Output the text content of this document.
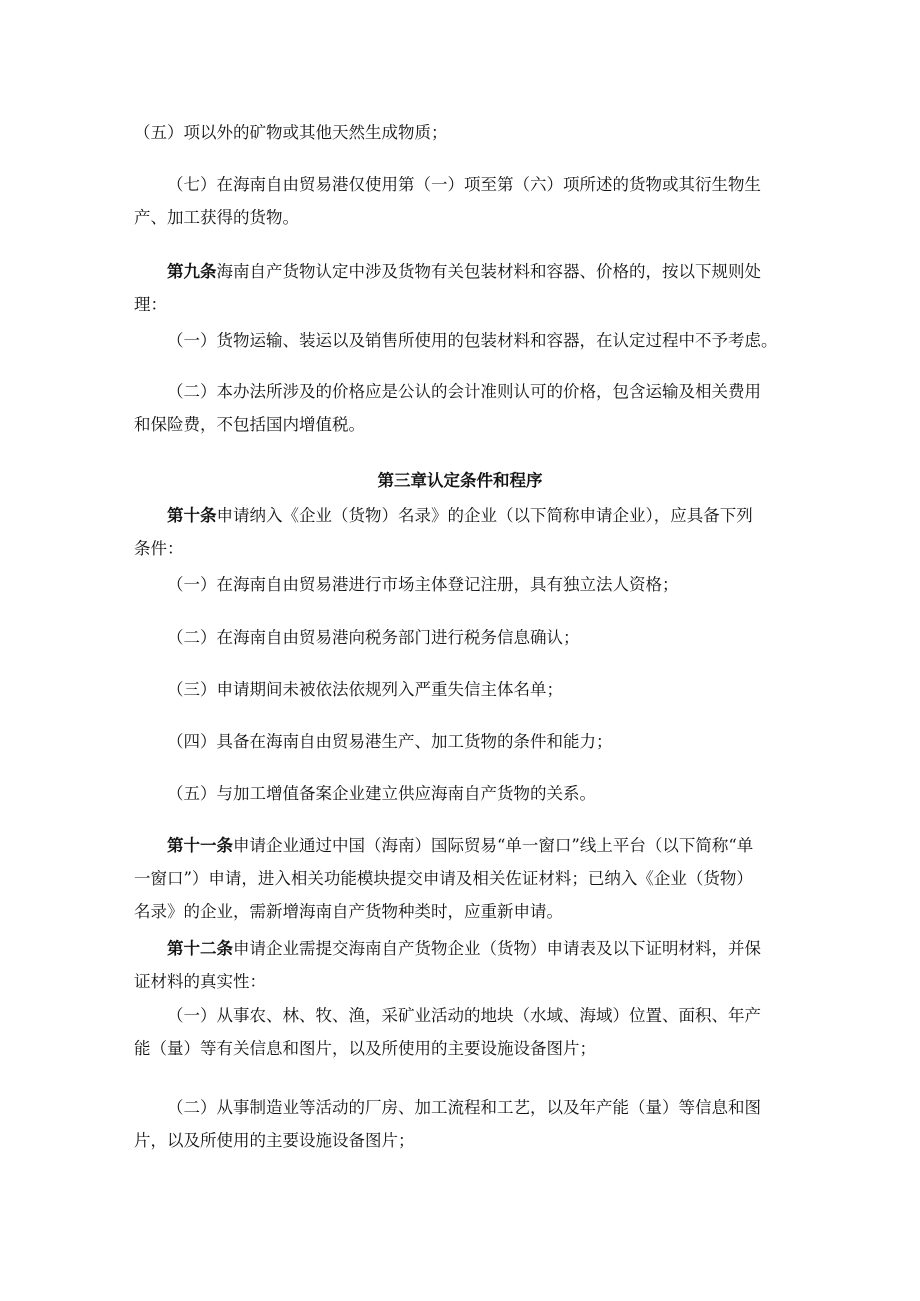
（五）项以外的矿物或其他天然生成物质；

（七）在海南自由贸易港仅使用第（一）项至第（六）项所述的货物或其衍生物生
产、加工获得的货物。

第九条海南自产货物认定中涉及货物有关包装材料和容器、价格的，按以下规则处
理：

（一）货物运输、装运以及销售所使用的包装材料和容器，在认定过程中不予考虑。

（二）本办法所涉及的价格应是公认的会计准则认可的价格，包含运输及相关费用
和保险费，不包括国内增值税。

第三章认定条件和程序

第十条申请纳入《企业（货物）名录》的企业（以下简称申请企业），应具备下列
条件：

（一）在海南自由贸易港进行市场主体登记注册，具有独立法人资格；

（二）在海南自由贸易港向税务部门进行税务信息确认；

（三）申请期间未被依法依规列入严重失信主体名单；

（四）具备在海南自由贸易港生产、加工货物的条件和能力；

（五）与加工增值备案企业建立供应海南自产货物的关系。

第十一条申请企业通过中国（海南）国际贸易“单一窗口”线上平台（以下简称“单
一窗口”）申请，进入相关功能模块提交申请及相关佐证材料；已纳入《企业（货物）
名录》的企业，需新增海南自产货物种类时，应重新申请。

第十二条申请企业需提交海南自产货物企业（货物）申请表及以下证明材料，并保
证材料的真实性：

（一）从事农、林、牧、渔，采矿业活动的地块（水域、海域）位置、面积、年产
能（量）等有关信息和图片，以及所使用的主要设施设备图片；

（二）从事制造业等活动的厂房、加工流程和工艺，以及年产能（量）等信息和图
片，以及所使用的主要设施设备图片；
